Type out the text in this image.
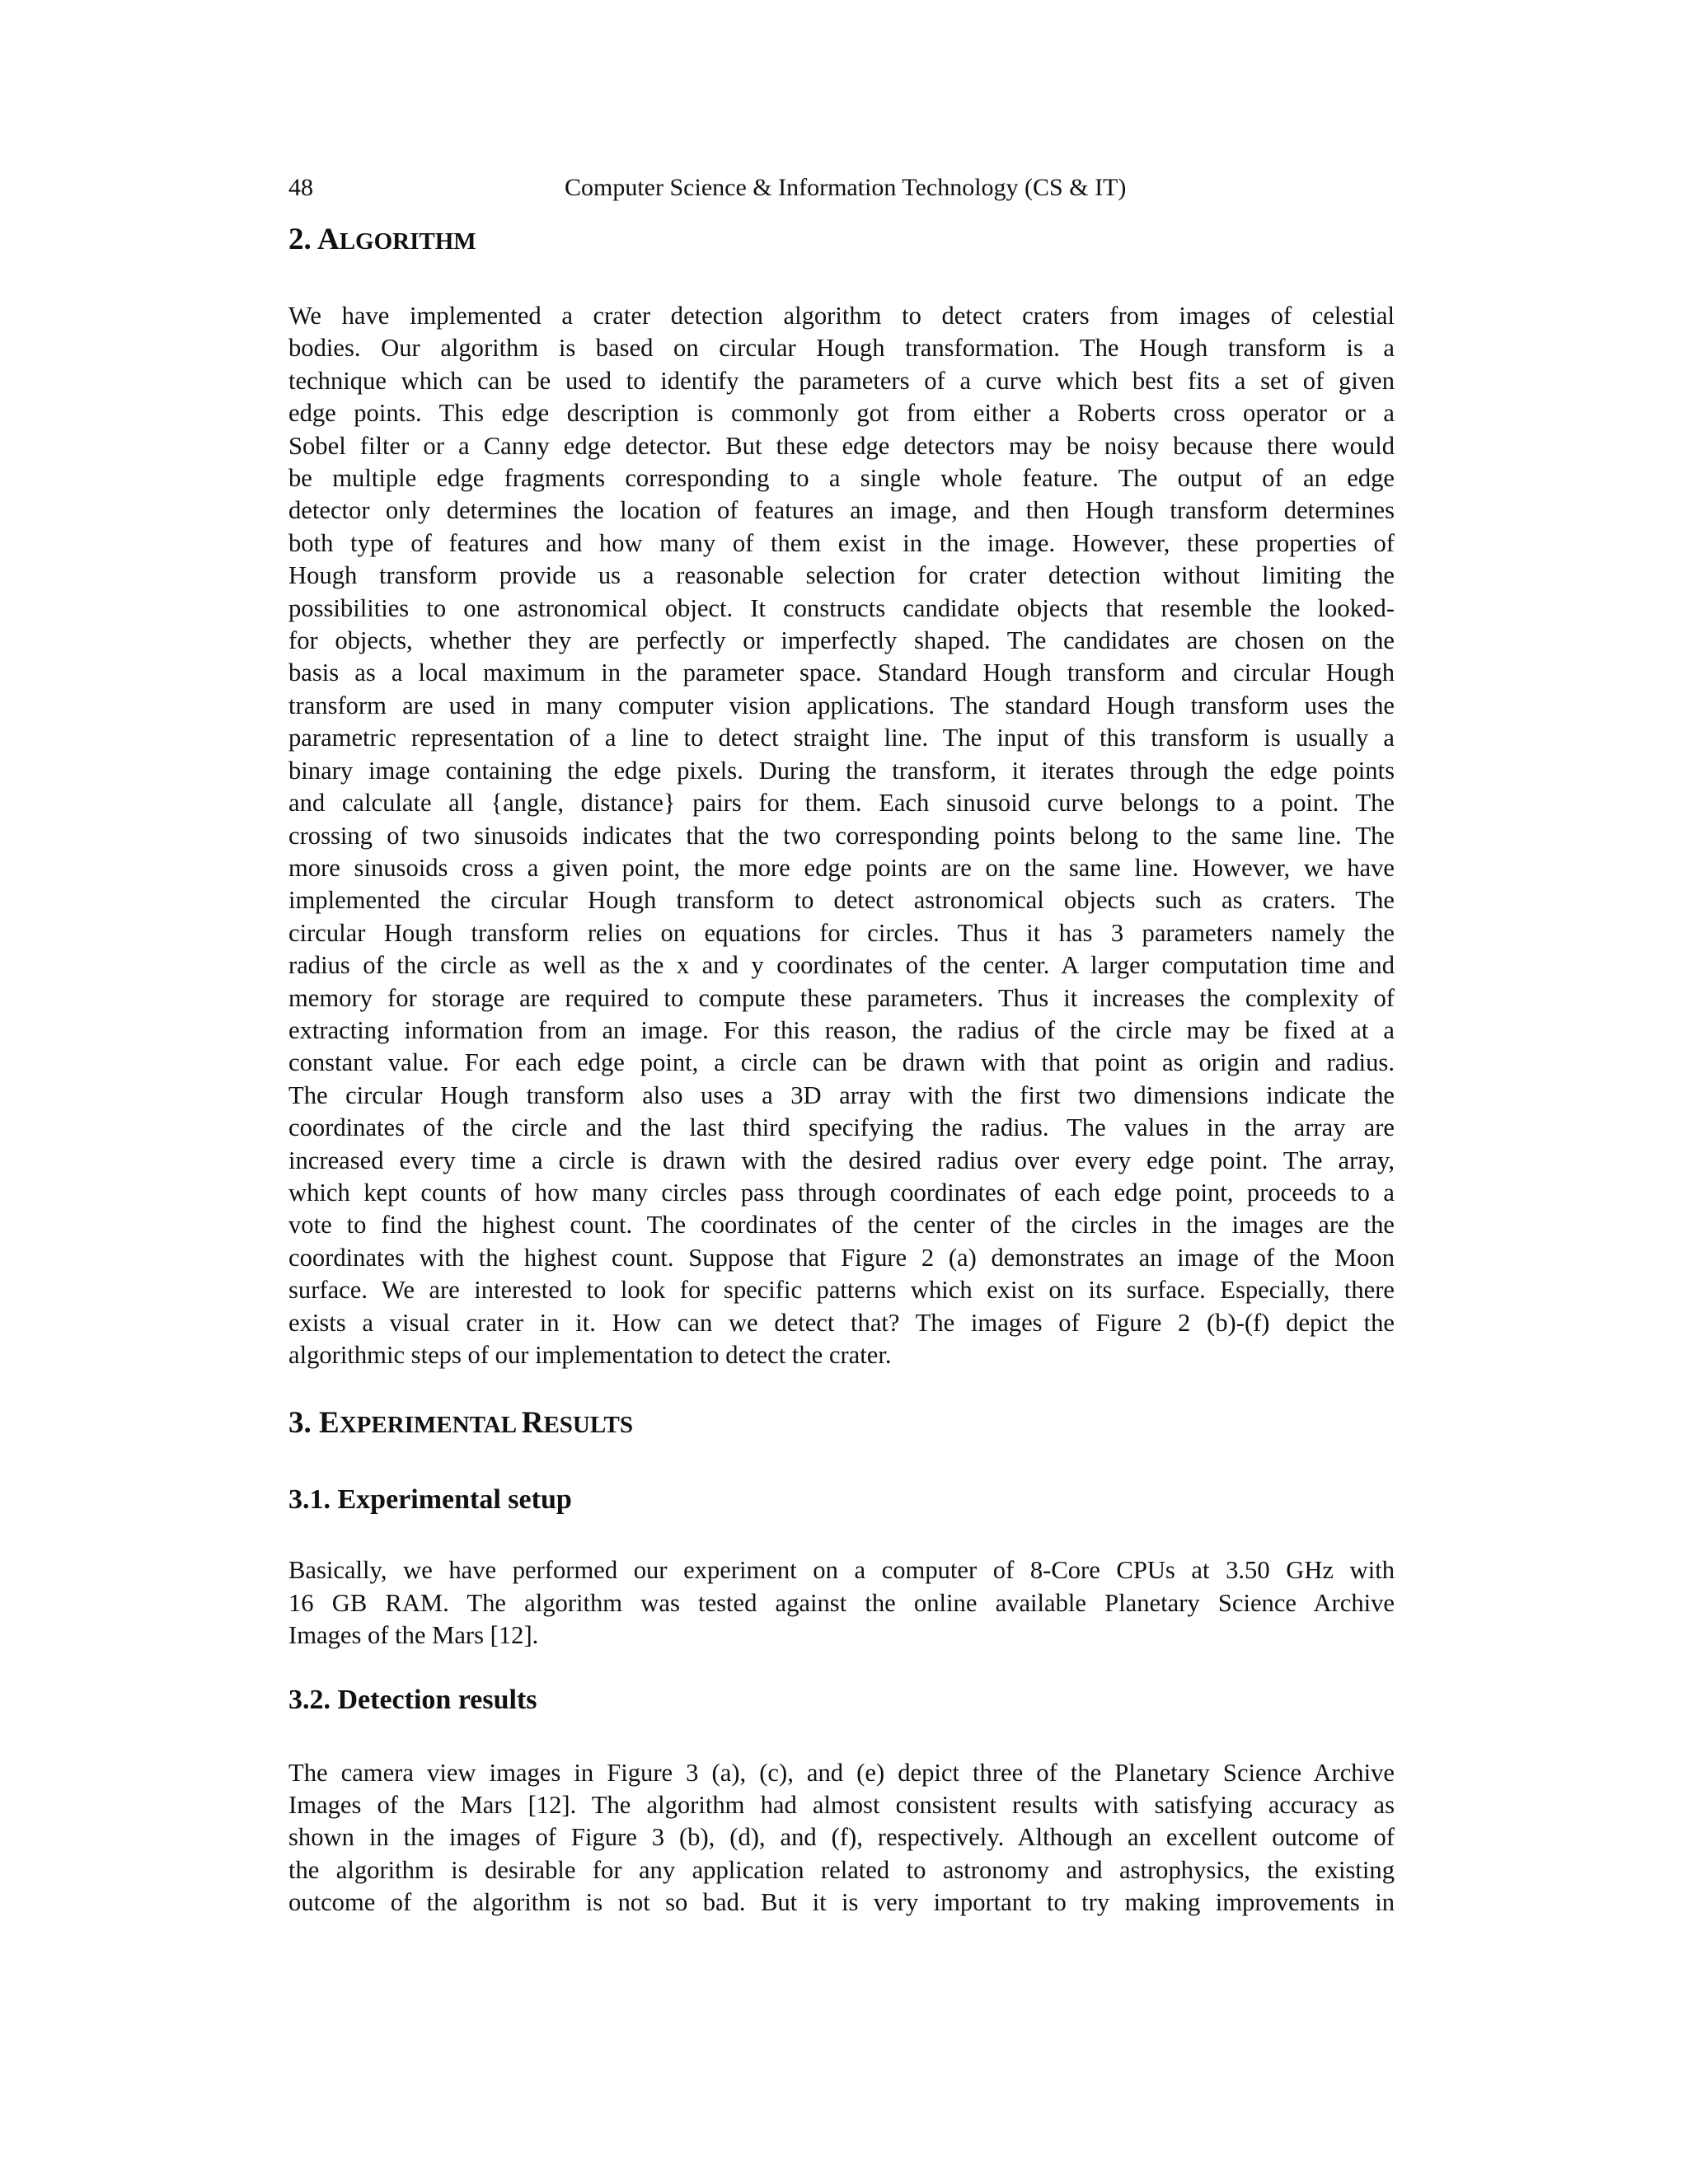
48	Computer Science & Information Technology (CS & IT)
2. ALGORITHM

We have implemented a crater detection algorithm to detect craters from images of celestial
bodies. Our algorithm is based on circular Hough transformation. The Hough transform is a
technique which can be used to identify the parameters of a curve which best fits a set of given
edge points. This edge description is commonly got from either a Roberts cross operator or a
Sobel filter or a Canny edge detector. But these edge detectors may be noisy because there would
be multiple edge fragments corresponding to a single whole feature. The output of an edge
detector only determines the location of features an image, and then Hough transform determines
both type of features and how many of them exist in the image. However, these properties of
Hough transform provide us a reasonable selection for crater detection without limiting the
possibilities to one astronomical object. It constructs candidate objects that resemble the looked-
for objects, whether they are perfectly or imperfectly shaped. The candidates are chosen on the
basis as a local maximum in the parameter space. Standard Hough transform and circular Hough
transform are used in many computer vision applications. The standard Hough transform uses the
parametric representation of a line to detect straight line. The input of this transform is usually a
binary image containing the edge pixels. During the transform, it iterates through the edge points
and calculate all {angle, distance} pairs for them. Each sinusoid curve belongs to a point. The
crossing of two sinusoids indicates that the two corresponding points belong to the same line. The
more sinusoids cross a given point, the more edge points are on the same line. However, we have
implemented the circular Hough transform to detect astronomical objects such as craters. The
circular Hough transform relies on equations for circles. Thus it has 3 parameters namely the
radius of the circle as well as the x and y coordinates of the center. A larger computation time and
memory for storage are required to compute these parameters. Thus it increases the complexity of
extracting information from an image. For this reason, the radius of the circle may be fixed at a
constant value. For each edge point, a circle can be drawn with that point as origin and radius.
The circular Hough transform also uses a 3D array with the first two dimensions indicate the
coordinates of the circle and the last third specifying the radius. The values in the array are
increased every time a circle is drawn with the desired radius over every edge point. The array,
which kept counts of how many circles pass through coordinates of each edge point, proceeds to a
vote to find the highest count. The coordinates of the center of the circles in the images are the
coordinates with the highest count. Suppose that Figure 2 (a) demonstrates an image of the Moon
surface. We are interested to look for specific patterns which exist on its surface. Especially, there
exists a visual crater in it. How can we detect that? The images of Figure 2 (b)-(f) depict the
algorithmic steps of our implementation to detect the crater.

3. EXPERIMENTAL RESULTS
3.1. Experimental setup

Basically, we have performed our experiment on a computer of 8-Core CPUs at 3.50 GHz with
16 GB RAM. The algorithm was tested against the online available Planetary Science Archive
Images of the Mars [12].

3.2. Detection results

The camera view images in Figure 3 (a), (c), and (e) depict three of the Planetary Science Archive
Images of the Mars [12]. The algorithm had almost consistent results with satisfying accuracy as
shown in the images of Figure 3 (b), (d), and (f), respectively. Although an excellent outcome of
the algorithm is desirable for any application related to astronomy and astrophysics, the existing
outcome of the algorithm is not so bad. But it is very important to try making improvements in
